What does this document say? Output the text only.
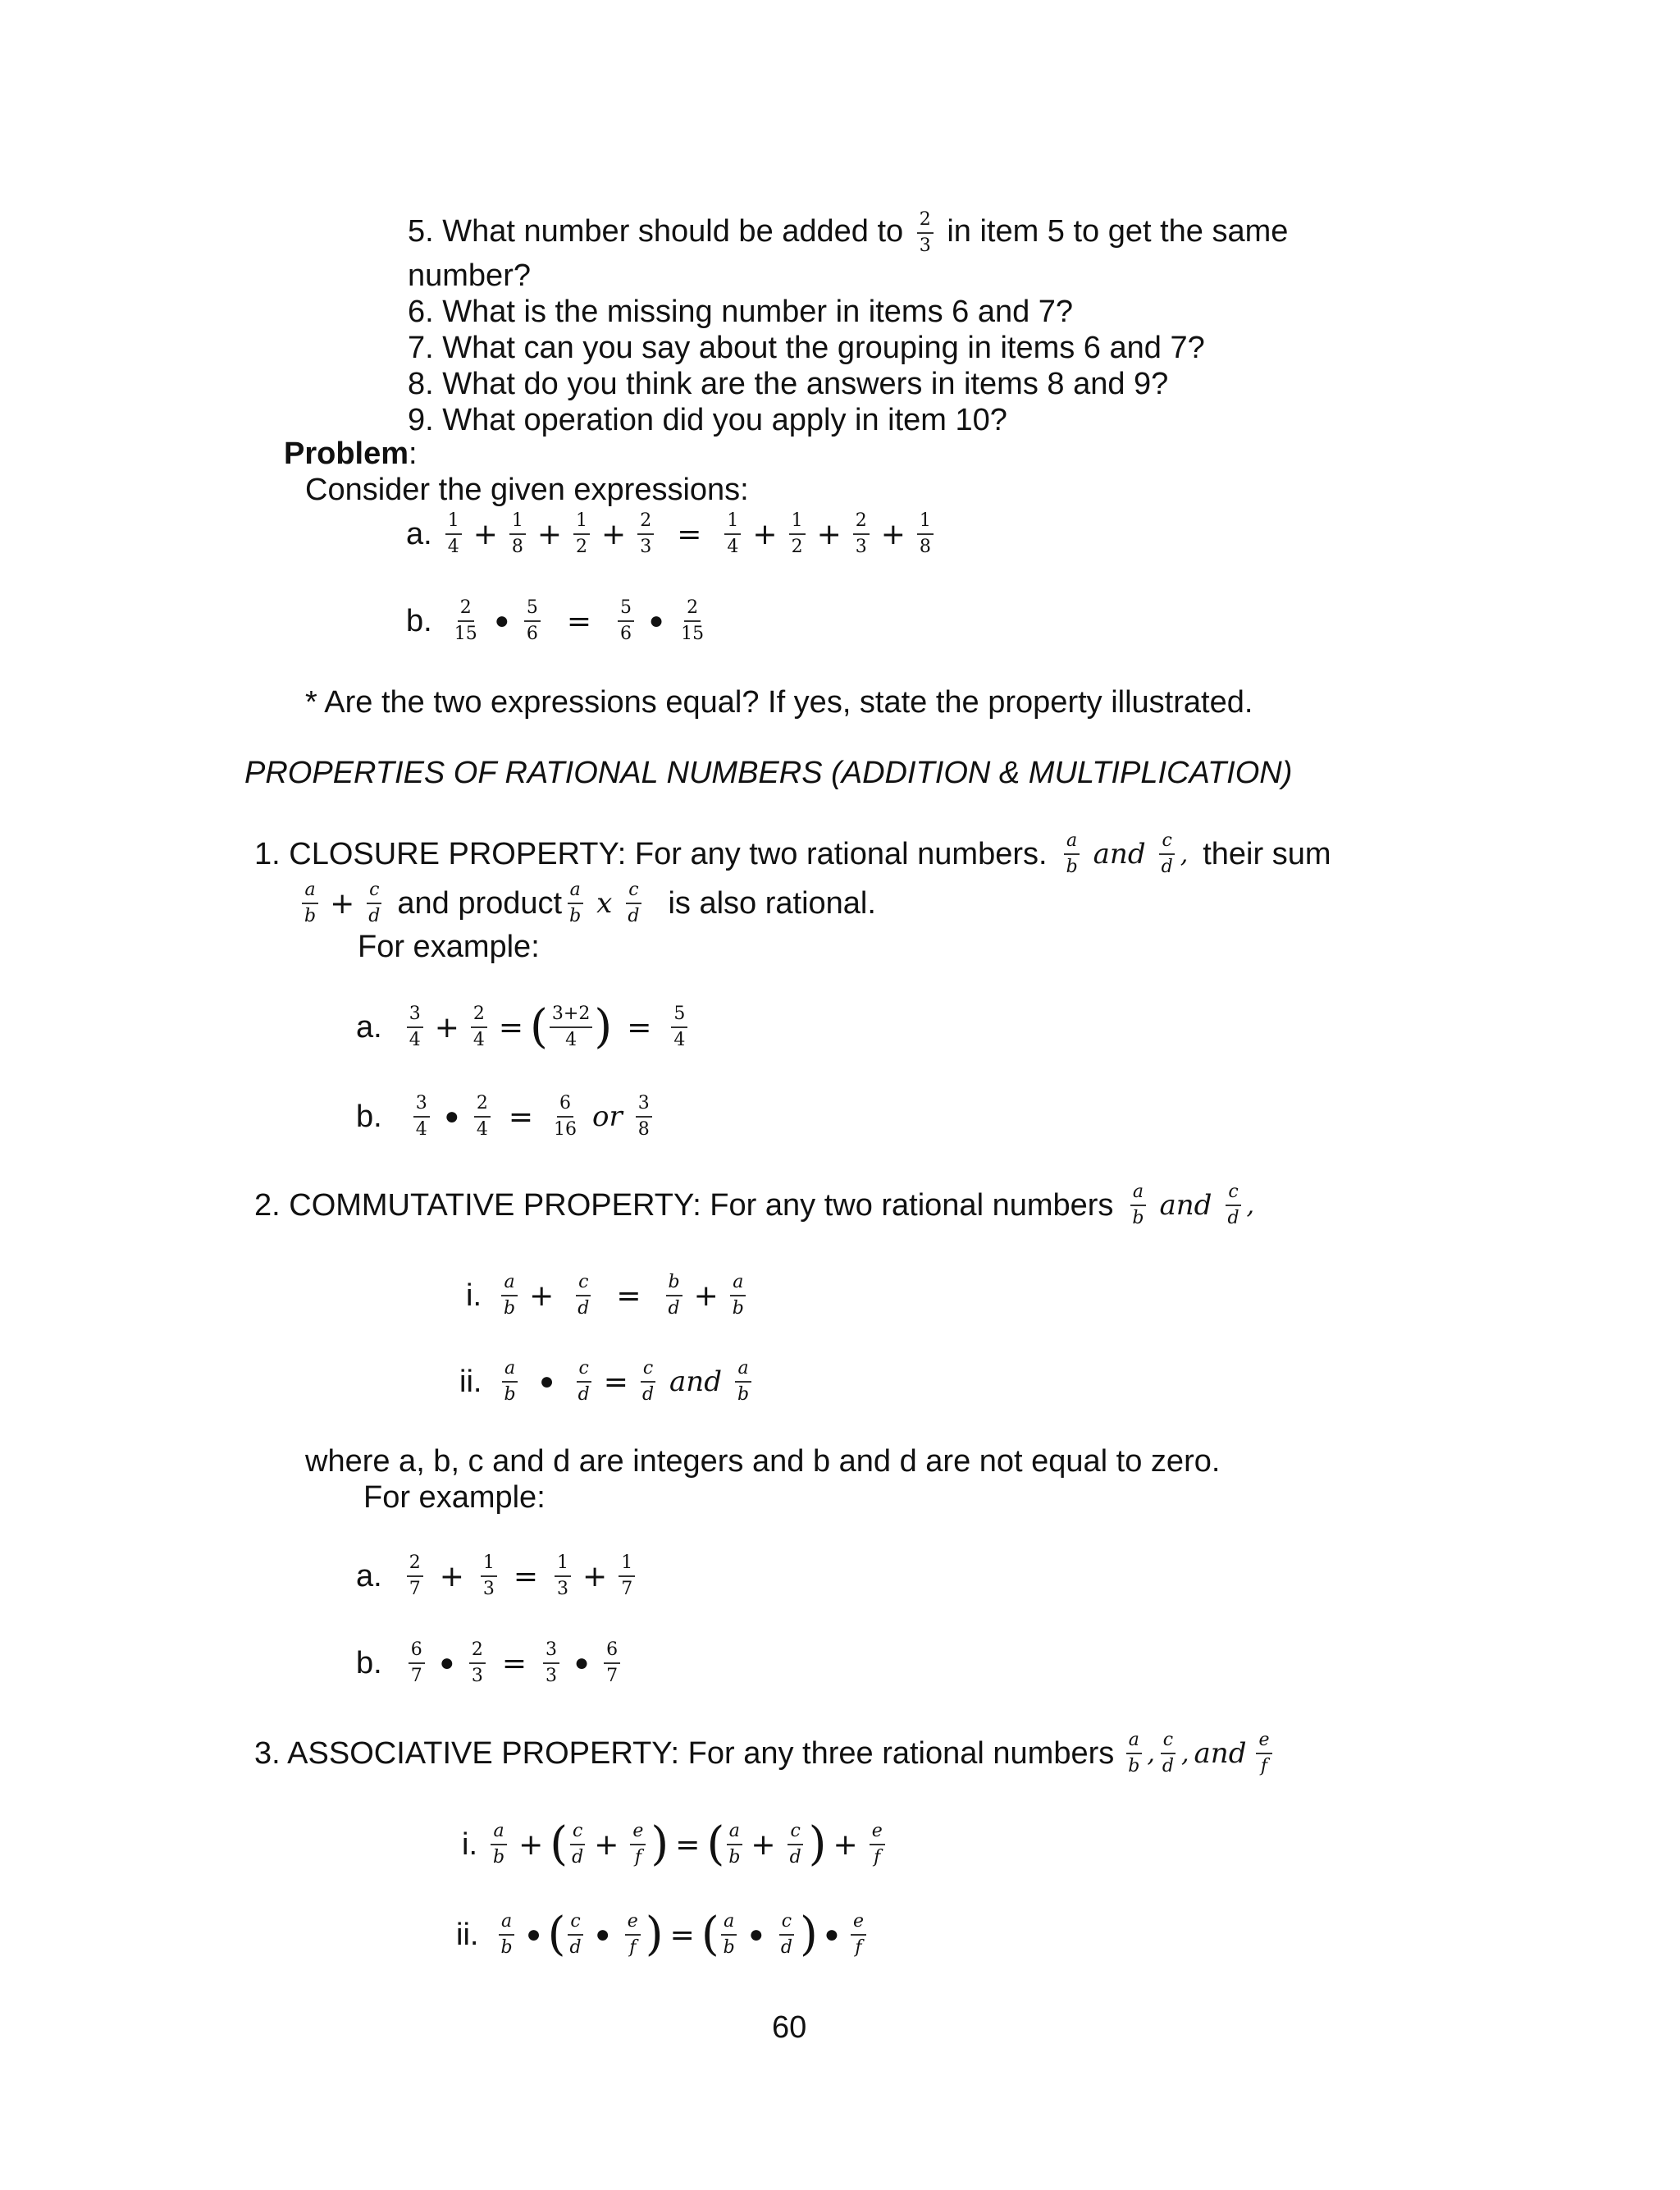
5. What number should be added to $\frac{2}{3}$ in item 5 to get the same
number?
6. What is the missing number in items 6 and 7?
7. What can you say about the grouping in items 6 and 7?
8. What do you think are the answers in items 8 and 9?
9. What operation did you apply in item 10?
Problem:
Consider the given expressions:
a. $\frac{1}{4} + \frac{1}{8} + \frac{1}{2} + \frac{2}{3} = \frac{1}{4} + \frac{1}{2} + \frac{2}{3} + \frac{1}{8}$
b. $\frac{2}{15}$ ● $\frac{5}{6} = \frac{5}{6}$ ● $\frac{2}{15}$
* Are the two expressions equal? If yes, state the property illustrated.
PROPERTIES OF RATIONAL NUMBERS (ADDITION & MULTIPLICATION)
1. CLOSURE PROPERTY: For any two rational numbers. $\frac{a}{b}$ and $\frac{c}{d}$ , their sum
$\frac{a}{b} + \frac{c}{d}$ and product $\frac{a}{b}$ x $\frac{c}{d}$ is also rational.
For example:
a. $\frac{3}{4} + \frac{2}{4}$ = ( $\frac{3+2}{4}$ ) = $\frac{5}{4}$
b. $\frac{3}{4}$ ● $\frac{2}{4} = \frac{6}{16}$ or $\frac{3}{8}$
2. COMMUTATIVE PROPERTY: For any two rational numbers $\frac{a}{b}$ and $\frac{c}{d}$ ,
i. $\frac{a}{b} + \frac{c}{d} = \frac{b}{d} + \frac{a}{b}$
ii. $\frac{a}{b}$ ● $\frac{c}{d} = \frac{c}{d}$ and $\frac{a}{b}$
where a, b, c and d are integers and b and d are not equal to zero.
For example:
a. $\frac{2}{7} + \frac{1}{3} = \frac{1}{3} + \frac{1}{7}$
b. $\frac{6}{7}$ ● $\frac{2}{3} = \frac{3}{3}$ ● $\frac{6}{7}$
3. ASSOCIATIVE PROPERTY: For any three rational numbers $\frac{a}{b}$ , $\frac{c}{d}$ , and $\frac{e}{f}$
i. $\frac{a}{b}$ + ( $\frac{c}{d} + \frac{e}{f}$ ) = ( $\frac{a}{b} + \frac{c}{d}$ ) + $\frac{e}{f}$
ii. $\frac{a}{b}$ ● ( $\frac{c}{d}$ ● $\frac{e}{f}$ ) = ( $\frac{a}{b}$ ● $\frac{c}{d}$ ) ● $\frac{e}{f}$
60
